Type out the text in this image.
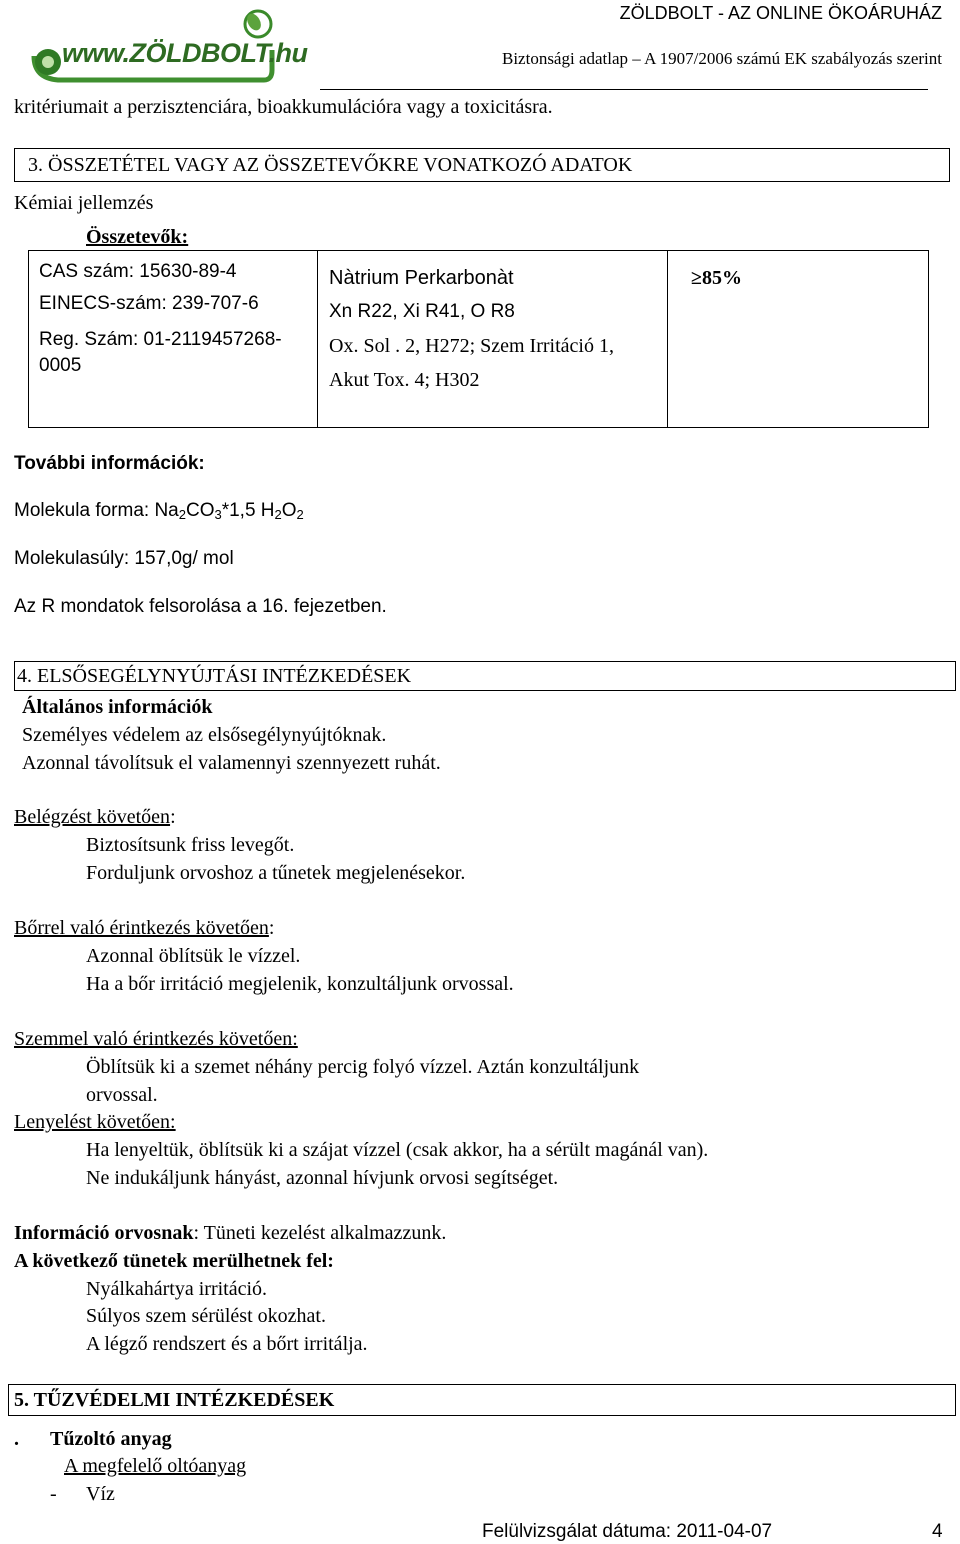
www.ZÖLDBOLT.hu
ZÖLDBOLT - AZ ONLINE ÖKOÁRUHÁZ
Biztonsági adatlap – A 1907/2006 számú EK szabályozás szerint
kritériumait a perzisztenciára, bioakkumulációra vagy a toxicitásra.
3. ÖSSZETÉTEL VAGY AZ ÖSSZETEVŐKRE VONATKOZÓ ADATOK
Kémiai jellemzés
Összetevők:
CAS szám: 15630-89-4
EINECS-szám: 239-707-6
Reg. Szám: 01-2119457268-
0005
Nàtrium Perkarbonàt
Xn R22, Xi R41, O R8
Ox. Sol . 2, H272; Szem Irritáció 1,
Akut Tox. 4; H302
≥85%
További információk:
Molekula forma: $Na_2CO_3*1,5$ $H_2O_2$
Molekulasúly: 157,0g/ mol
Az R mondatok felsorolása a 16. fejezetben.
4. ELSŐSEGÉLYNYÚJTÁSI INTÉZKEDÉSEK
Általános információk
Személyes védelem az elsősegélynyújtóknak.
Azonnal távolítsuk el valamennyi szennyezett ruhát.
Belégzést követően:
Biztosítsunk friss levegőt.
Forduljunk orvoshoz a tűnetek megjelenésekor.
Bőrrel való érintkezés követően:
Azonnal öblítsük le vízzel.
Ha a bőr irritáció megjelenik, konzultáljunk orvossal.
Szemmel való érintkezés követően:
Öblítsük ki a szemet néhány percig folyó vízzel. Aztán konzultáljunk
orvossal.
Lenyelést követően:
Ha lenyeltük, öblítsük ki a szájat vízzel (csak akkor, ha a sérült magánál van).
Ne indukáljunk hányást, azonnal hívjunk orvosi segítséget.
Információ orvosnak: Tüneti kezelést alkalmazzunk.
A következő tünetek merülhetnek fel:
Nyálkahártya irritáció.
Súlyos szem sérülést okozhat.
A légző rendszert és a bőrt irritálja.
5. TŰZVÉDELMI INTÉZKEDÉSEK
. Tűzoltó anyag
A megfelelő oltóanyag
- Víz
Felülvizsgálat dátuma: 2011-04-07	4
